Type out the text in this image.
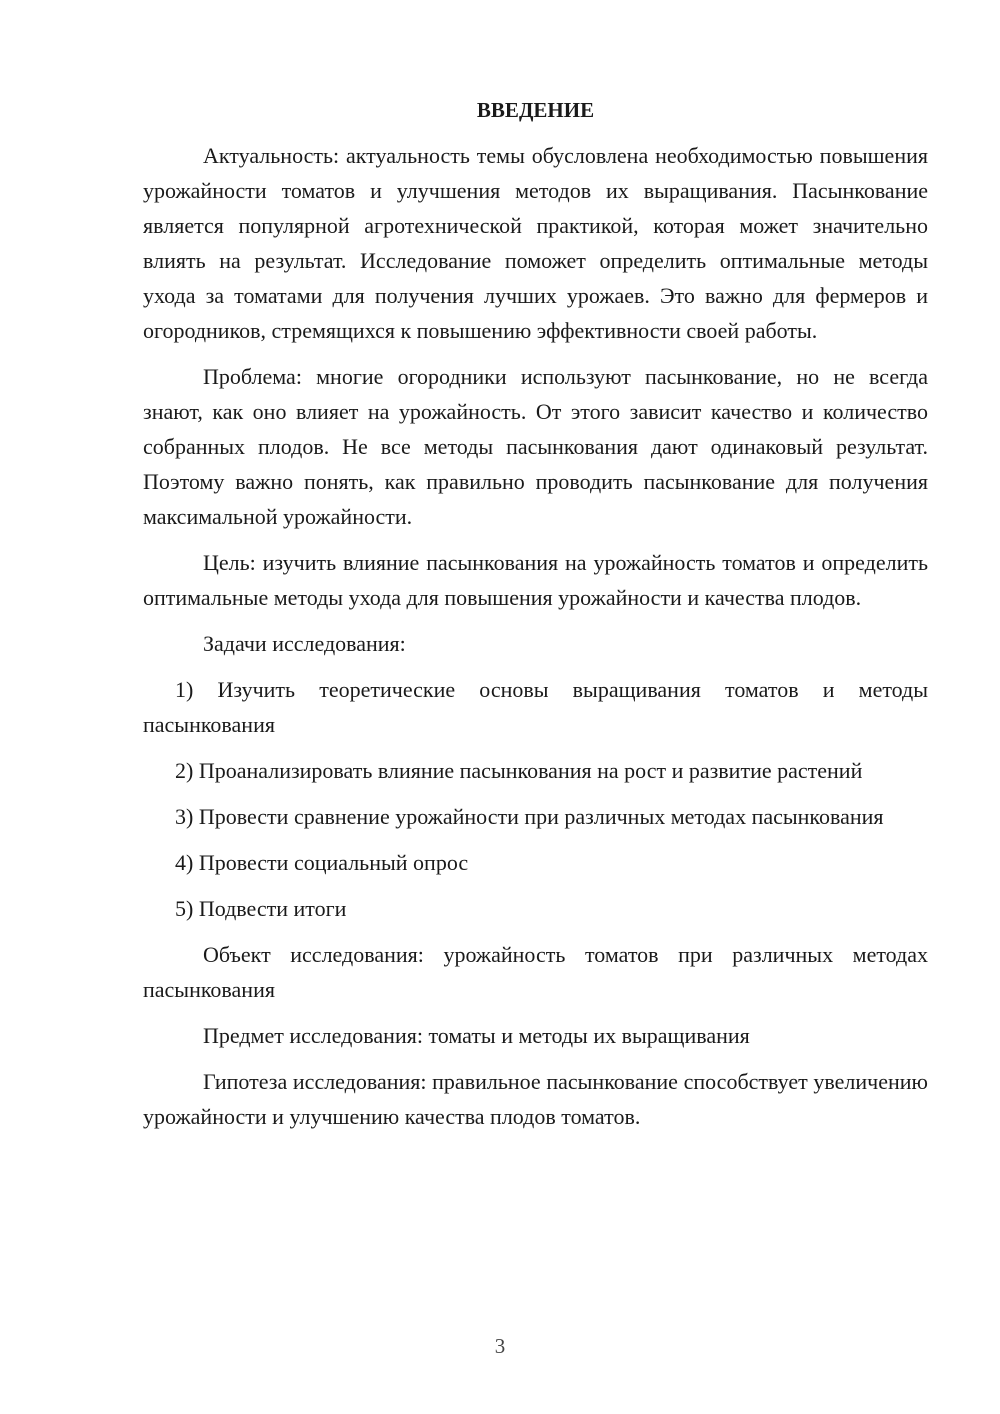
ВВЕДЕНИЕ

Актуальность: актуальность темы обусловлена необходимостью повышения урожайности томатов и улучшения методов их выращивания. Пасынкование является популярной агротехнической практикой, которая может значительно влиять на результат. Исследование поможет определить оптимальные методы ухода за томатами для получения лучших урожаев. Это важно для фермеров и огородников, стремящихся к повышению эффективности своей работы.

Проблема: многие огородники используют пасынкование, но не всегда знают, как оно влияет на урожайность. От этого зависит качество и количество собранных плодов. Не все методы пасынкования дают одинаковый результат. Поэтому важно понять, как правильно проводить пасынкование для получения максимальной урожайности.

Цель: изучить влияние пасынкования на урожайность томатов и определить оптимальные методы ухода для повышения урожайности и качества плодов.

Задачи исследования:

1) Изучить теоретические основы выращивания томатов и методы пасынкования

2) Проанализировать влияние пасынкования на рост и развитие растений

3) Провести сравнение урожайности при различных методах пасынкования

4) Провести социальный опрос

5) Подвести итоги

Объект исследования: урожайность томатов при различных методах пасынкования

Предмет исследования: томаты и методы их выращивания

Гипотеза исследования: правильное пасынкование способствует увеличению урожайности и улучшению качества плодов томатов.

3
